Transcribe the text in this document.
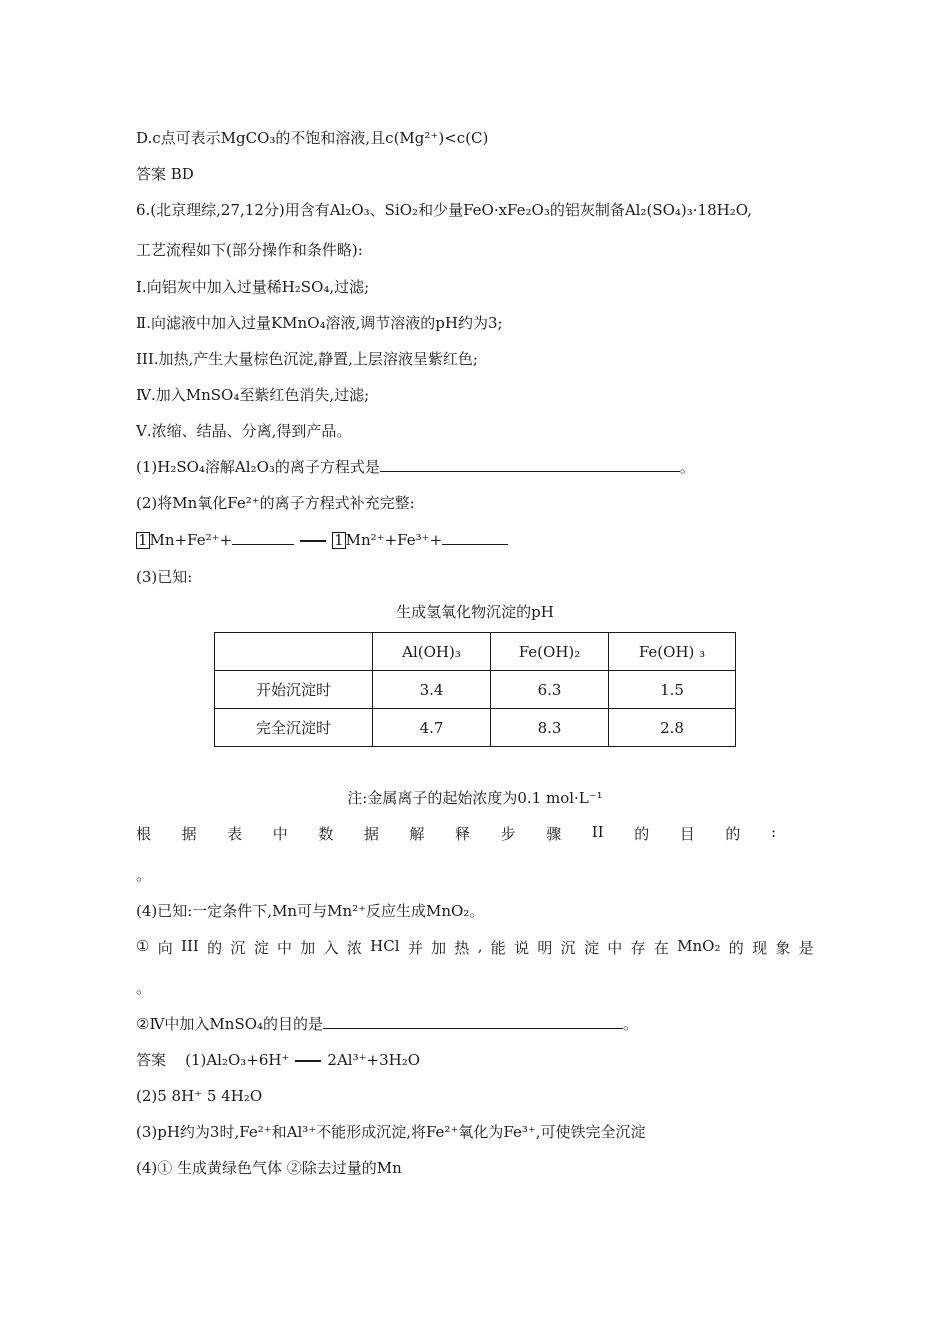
D.c点可表示MgCO₃的不饱和溶液,且c(Mg²⁺)<c(C)
答案 BD
6.(北京理综,27,12分)用含有Al₂O₃、SiO₂和少量FeO·xFe₂O₃的铝灰制备Al₂(SO₄)₃·18H₂O,
工艺流程如下(部分操作和条件略):
Ⅰ.向铝灰中加入过量稀H₂SO₄,过滤;
Ⅱ.向滤液中加入过量KMnO₄溶液,调节溶液的pH约为3;
III.加热,产生大量棕色沉淀,静置,上层溶液呈紫红色;
Ⅳ.加入MnSO₄至紫红色消失,过滤;
Ⅴ.浓缩、结晶、分离,得到产品。
(1)H₂SO₄溶解Al₂O₃的离子方程式是	。
(2)将Mn氧化Fe²⁺的离子方程式补充完整:
1 Mn+Fe²⁺+	1 Mn²⁺+Fe³⁺+
(3)已知:
生成氢氧化物沉淀的pH
	Al(OH)₃	Fe(OH)₂	Fe(OH) ₃
开始沉淀时	3.4	6.3	1.5
完全沉淀时	4.7	8.3	2.8
注:金属离子的起始浓度为0.1 mol·L⁻¹
根 据 表 中 数 据 解 释 步 骤 II 的 目 的 :
。
(4)已知:一定条件下,Mn可与Mn²⁺反应生成MnO₂。
① 向 III 的 沉 淀 中 加 入 浓 HCl 并 加 热 , 能 说 明 沉 淀 中 存 在 MnO₂ 的 现 象 是
。
②Ⅳ中加入MnSO₄的目的是	。
答案 (1)Al₂O₃+6H⁺	2Al³⁺+3H₂O
(2)5 8H⁺ 5 4H₂O
(3)pH约为3时,Fe²⁺和Al³⁺不能形成沉淀,将Fe²⁺氧化为Fe³⁺,可使铁完全沉淀
(4)① 生成黄绿色气体 ②除去过量的Mn
